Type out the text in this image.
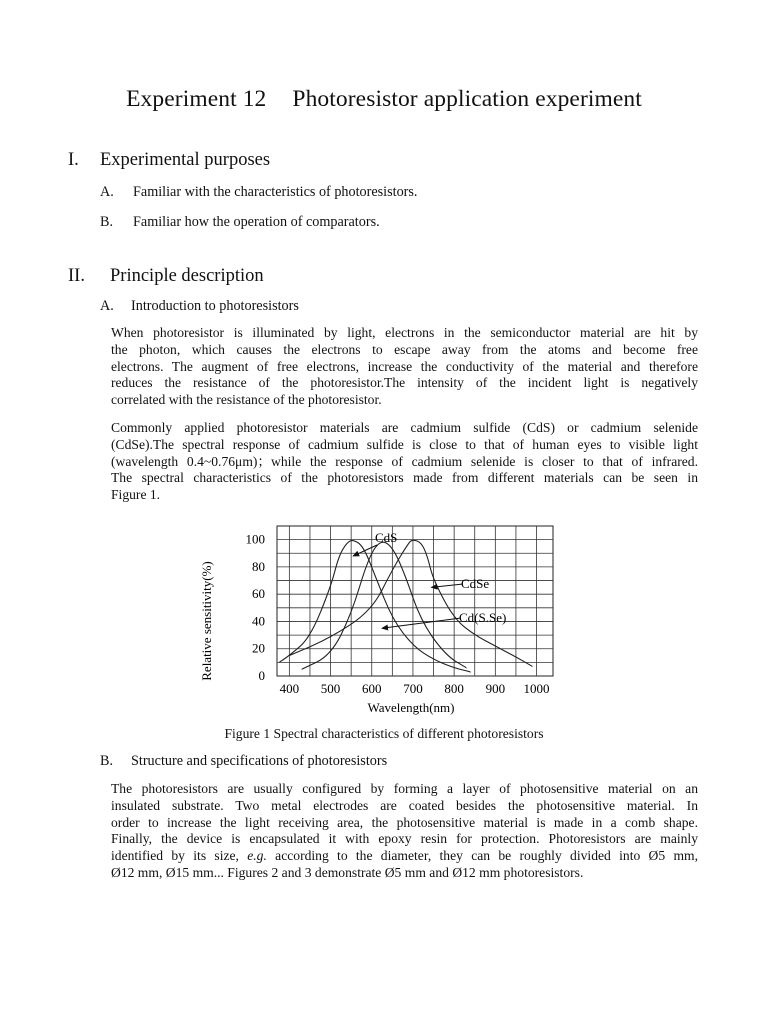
Experiment 12 Photoresistor application experiment
I. Experimental purposes
A. Familiar with the characteristics of photoresistors.
B. Familiar how the operation of comparators.
II. Principle description
A. Introduction to photoresistors
When photoresistor is illuminated by light, electrons in the semiconductor material are hit by
the photon, which causes the electrons to escape away from the atoms and become free
electrons. The augment of free electrons, increase the conductivity of the material and therefore
reduces the resistance of the photoresistor.The intensity of the incident light is negatively
correlated with the resistance of the photoresistor.
Commonly applied photoresistor materials are cadmium sulfide (CdS) or cadmium selenide
(CdSe).The spectral response of cadmium sulfide is close to that of human eyes to visible light
(wavelength 0.4~0.76μm)；while the response of cadmium selenide is closer to that of infrared.
The spectral characteristics of the photoresistors made from different materials can be seen in
Figure 1.
CdS
CdSe
Cd(S.Se)
0
20
40
60
80
100
400 500 600 700 800 900 1000
Relative sensitivity(%)
Wavelength(nm)
Figure 1 Spectral characteristics of different photoresistors
B. Structure and specifications of photoresistors
The photoresistors are usually configured by forming a layer of photosensitive material on an
insulated substrate. Two metal electrodes are coated besides the photosensitive material. In
order to increase the light receiving area, the photosensitive material is made in a comb shape.
Finally, the device is encapsulated it with epoxy resin for protection. Photoresistors are mainly
identified by its size, e.g. according to the diameter, they can be roughly divided into Ø5 mm,
Ø12 mm, Ø15 mm... Figures 2 and 3 demonstrate Ø5 mm and Ø12 mm photoresistors.
